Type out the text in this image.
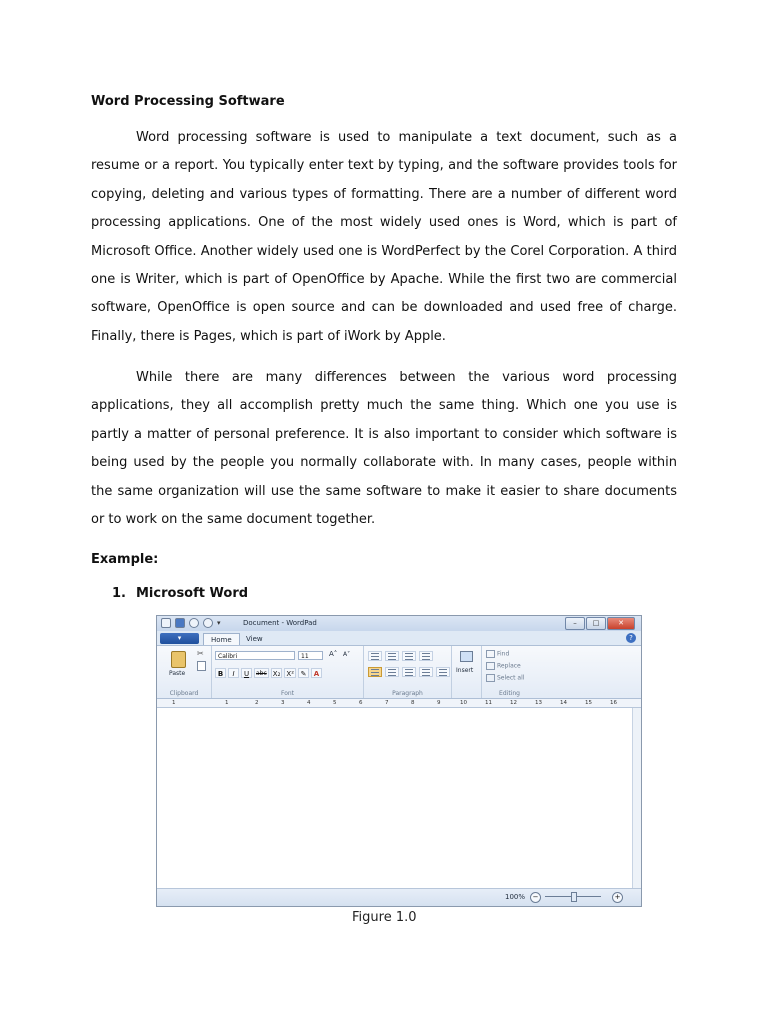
Word Processing Software

Word processing software is used to manipulate a text document, such as a resume or a report. You typically enter text by typing, and the software provides tools for copying, deleting and various types of formatting. There are a number of different word processing applications. One of the most widely used ones is Word, which is part of Microsoft Office. Another widely used one is WordPerfect by the Corel Corporation. A third one is Writer, which is part of OpenOffice by Apache. While the first two are commercial software, OpenOffice is open source and can be downloaded and used free of charge. Finally, there is Pages, which is part of iWork by Apple.

While there are many differences between the various word processing applications, they all accomplish pretty much the same thing. Which one you use is partly a matter of personal preference. It is also important to consider which software is being used by the people you normally collaborate with. In many cases, people within the same organization will use the same software to make it easier to share documents or to work on the same document together.

Example:

1. Microsoft Word

▾	Document - WordPad	–	□	✕
▾	Home	View	?
Paste
✂
Clipboard
Calibri	11	A˄ A˅
B	I	U	abc X₂ X² ✎	A
Font	Paragraph
Insert
Find
Replace
Select all
Editing
1	1	2	3	4	5	6	7	8	9	10	11	12	13	14	15	16
100%	−	+

Figure 1.0
